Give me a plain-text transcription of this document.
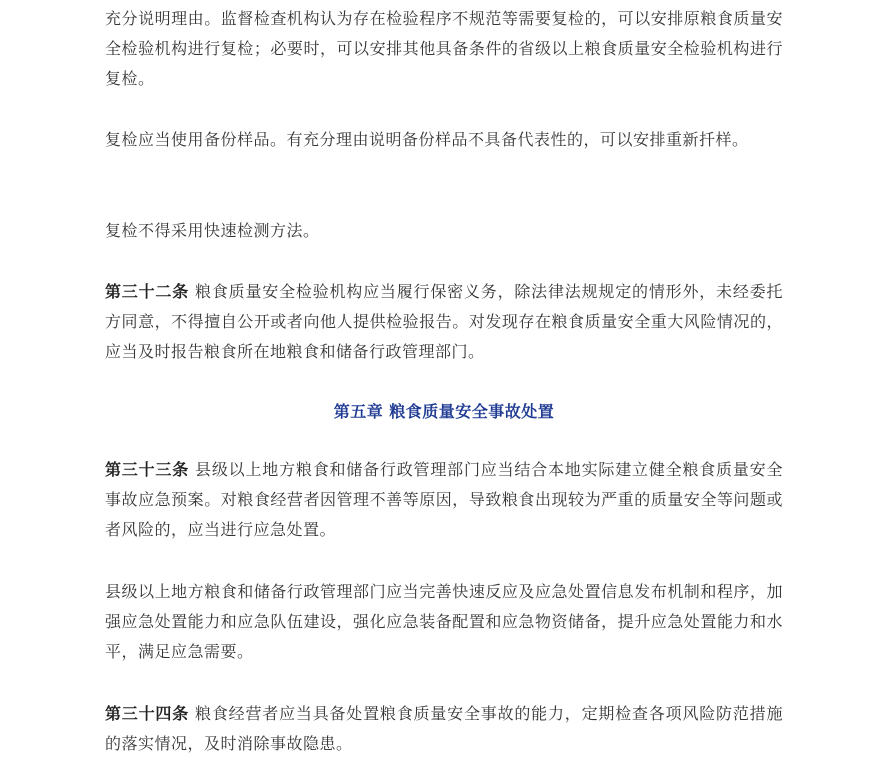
充分说明理由。监督检查机构认为存在检验程序不规范等需要复检的，可以安排原粮食质量安全检验机构进行复检；必要时，可以安排其他具备条件的省级以上粮食质量安全检验机构进行复检。

复检应当使用备份样品。有充分理由说明备份样品不具备代表性的，可以安排重新扦样。

复检不得采用快速检测方法。

第三十二条 粮食质量安全检验机构应当履行保密义务，除法律法规规定的情形外，未经委托方同意，不得擅自公开或者向他人提供检验报告。对发现存在粮食质量安全重大风险情况的，应当及时报告粮食所在地粮食和储备行政管理部门。

第五章 粮食质量安全事故处置

第三十三条 县级以上地方粮食和储备行政管理部门应当结合本地实际建立健全粮食质量安全事故应急预案。对粮食经营者因管理不善等原因，导致粮食出现较为严重的质量安全等问题或者风险的，应当进行应急处置。

县级以上地方粮食和储备行政管理部门应当完善快速反应及应急处置信息发布机制和程序，加强应急处置能力和应急队伍建设，强化应急装备配置和应急物资储备，提升应急处置能力和水平，满足应急需要。

第三十四条 粮食经营者应当具备处置粮食质量安全事故的能力，定期检查各项风险防范措施的落实情况，及时消除事故隐患。
